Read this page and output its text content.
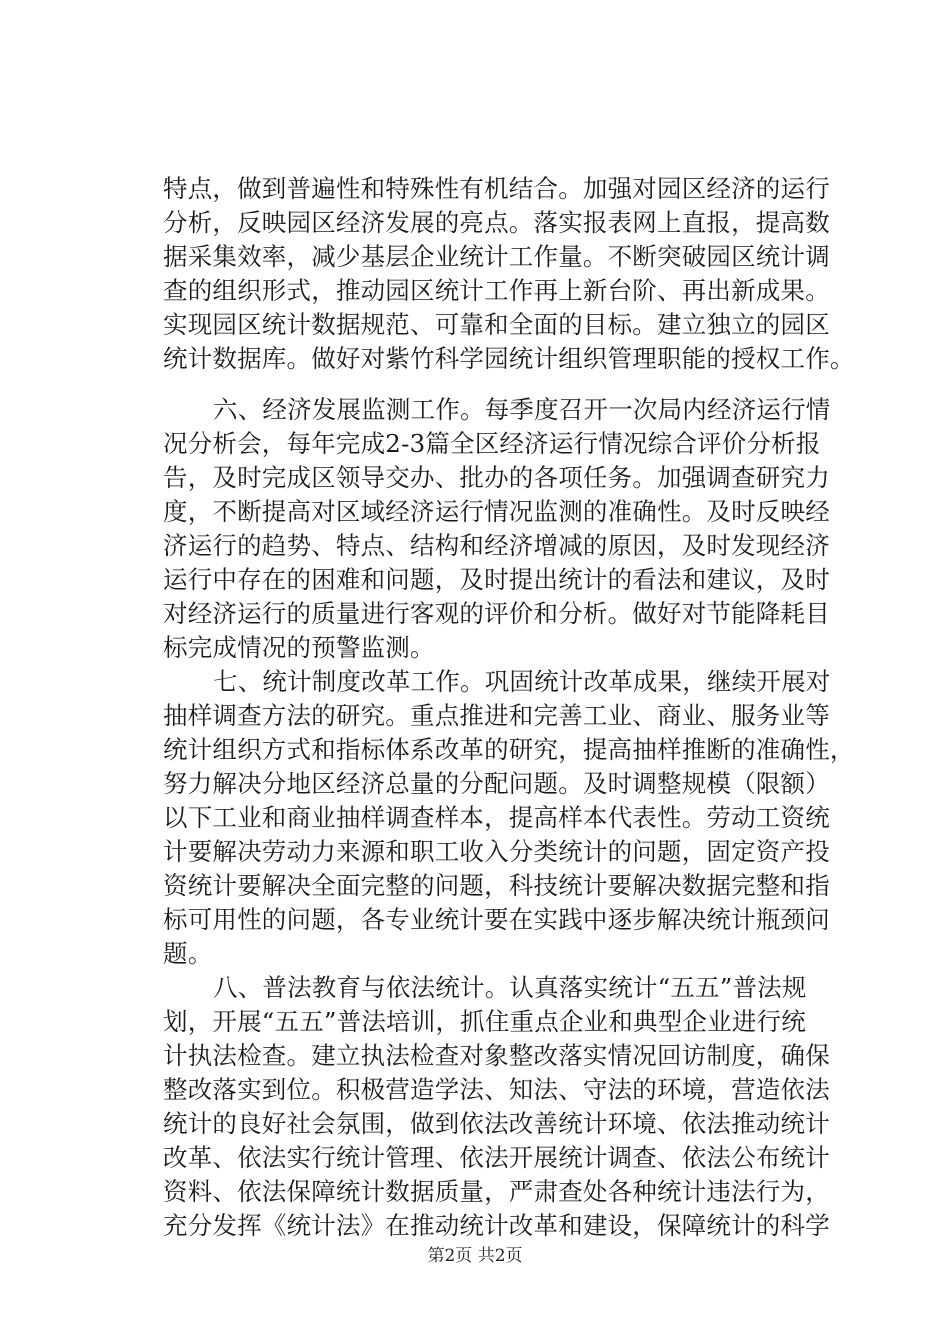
特点，做到普遍性和特殊性有机结合。加强对园区经济的运行
分析，反映园区经济发展的亮点。落实报表网上直报，提高数
据采集效率，减少基层企业统计工作量。不断突破园区统计调
查的组织形式，推动园区统计工作再上新台阶、再出新成果。
实现园区统计数据规范、可靠和全面的目标。建立独立的园区
统计数据库。做好对紫竹科学园统计组织管理职能的授权工作。
六、经济发展监测工作。每季度召开一次局内经济运行情
况分析会，每年完成2-3篇全区经济运行情况综合评价分析报
告，及时完成区领导交办、批办的各项任务。加强调查研究力
度，不断提高对区域经济运行情况监测的准确性。及时反映经
济运行的趋势、特点、结构和经济增减的原因，及时发现经济
运行中存在的困难和问题，及时提出统计的看法和建议，及时
对经济运行的质量进行客观的评价和分析。做好对节能降耗目
标完成情况的预警监测。
七、统计制度改革工作。巩固统计改革成果，继续开展对
抽样调查方法的研究。重点推进和完善工业、商业、服务业等
统计组织方式和指标体系改革的研究，提高抽样推断的准确性，
努力解决分地区经济总量的分配问题。及时调整规模（限额）
以下工业和商业抽样调查样本，提高样本代表性。劳动工资统
计要解决劳动力来源和职工收入分类统计的问题，固定资产投
资统计要解决全面完整的问题，科技统计要解决数据完整和指
标可用性的问题，各专业统计要在实践中逐步解决统计瓶颈问
题。
八、普法教育与依法统计。认真落实统计“五五”普法规
划，开展“五五”普法培训，抓住重点企业和典型企业进行统
计执法检查。建立执法检查对象整改落实情况回访制度，确保
整改落实到位。积极营造学法、知法、守法的环境，营造依法
统计的良好社会氛围，做到依法改善统计环境、依法推动统计
改革、依法实行统计管理、依法开展统计调查、依法公布统计
资料、依法保障统计数据质量，严肃查处各种统计违法行为，
充分发挥《统计法》在推动统计改革和建设，保障统计的科学
第2页 共2页
